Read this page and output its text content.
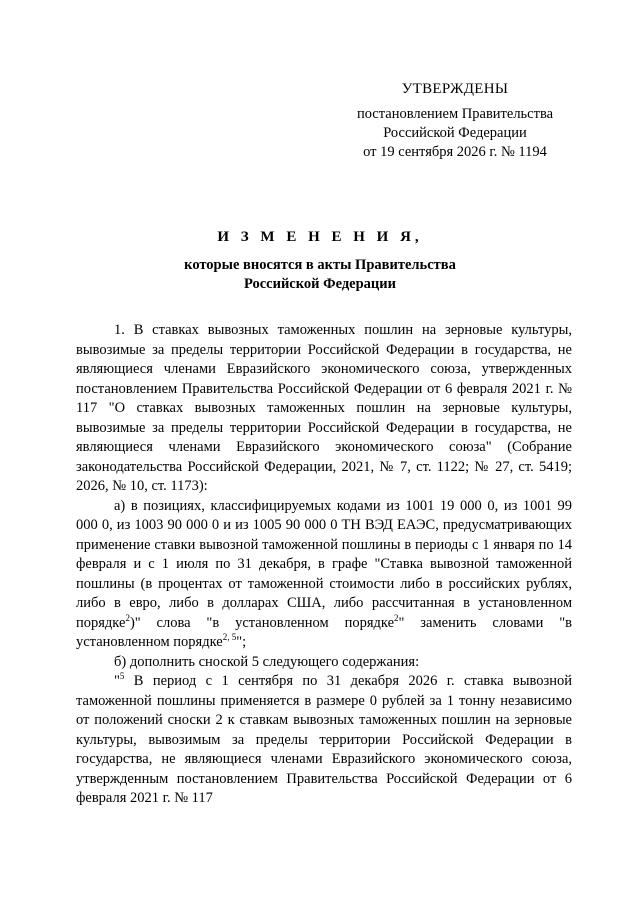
УТВЕРЖДЕНЫ
постановлением Правительства
Российской Федерации
от 19 сентября 2026 г. № 1194
И З М Е Н Е Н И Я,
которые вносятся в акты Правительства
Российской Федерации

1. В ставках вывозных таможенных пошлин на зерновые культуры, вывозимые за пределы территории Российской Федерации в государства, не являющиеся членами Евразийского экономического союза, утвержденных постановлением Правительства Российской Федерации от 6 февраля 2021 г. № 117 "О ставках вывозных таможенных пошлин на зерновые культуры, вывозимые за пределы территории Российской Федерации в государства, не являющиеся членами Евразийского экономического союза" (Собрание законодательства Российской Федерации, 2021, № 7, ст. 1122; № 27, ст. 5419; 2026, № 10, ст. 1173):

а) в позициях, классифицируемых кодами из 1001 19 000 0, из 1001 99 000 0, из 1003 90 000 0 и из 1005 90 000 0 ТН ВЭД ЕАЭС, предусматривающих применение ставки вывозной таможенной пошлины в периоды с 1 января по 14 февраля и с 1 июля по 31 декабря, в графе "Ставка вывозной таможенной пошлины (в процентах от таможенной стоимости либо в российских рублях, либо в евро, либо в долларах США, либо рассчитанная в установленном порядке$^2$)" слова "в установленном порядке$^2$" заменить словами "в установленном порядке$^{2, 5}$";

б) дополнить сноской 5 следующего содержания:

"$^5$ В период с 1 сентября по 31 декабря 2026 г. ставка вывозной таможенной пошлины применяется в размере 0 рублей за 1 тонну независимо от положений сноски 2 к ставкам вывозных таможенных пошлин на зерновые культуры, вывозимым за пределы территории Российской Федерации в государства, не являющиеся членами Евразийского экономического союза, утвержденным постановлением Правительства Российской Федерации от 6 февраля 2021 г. № 117
